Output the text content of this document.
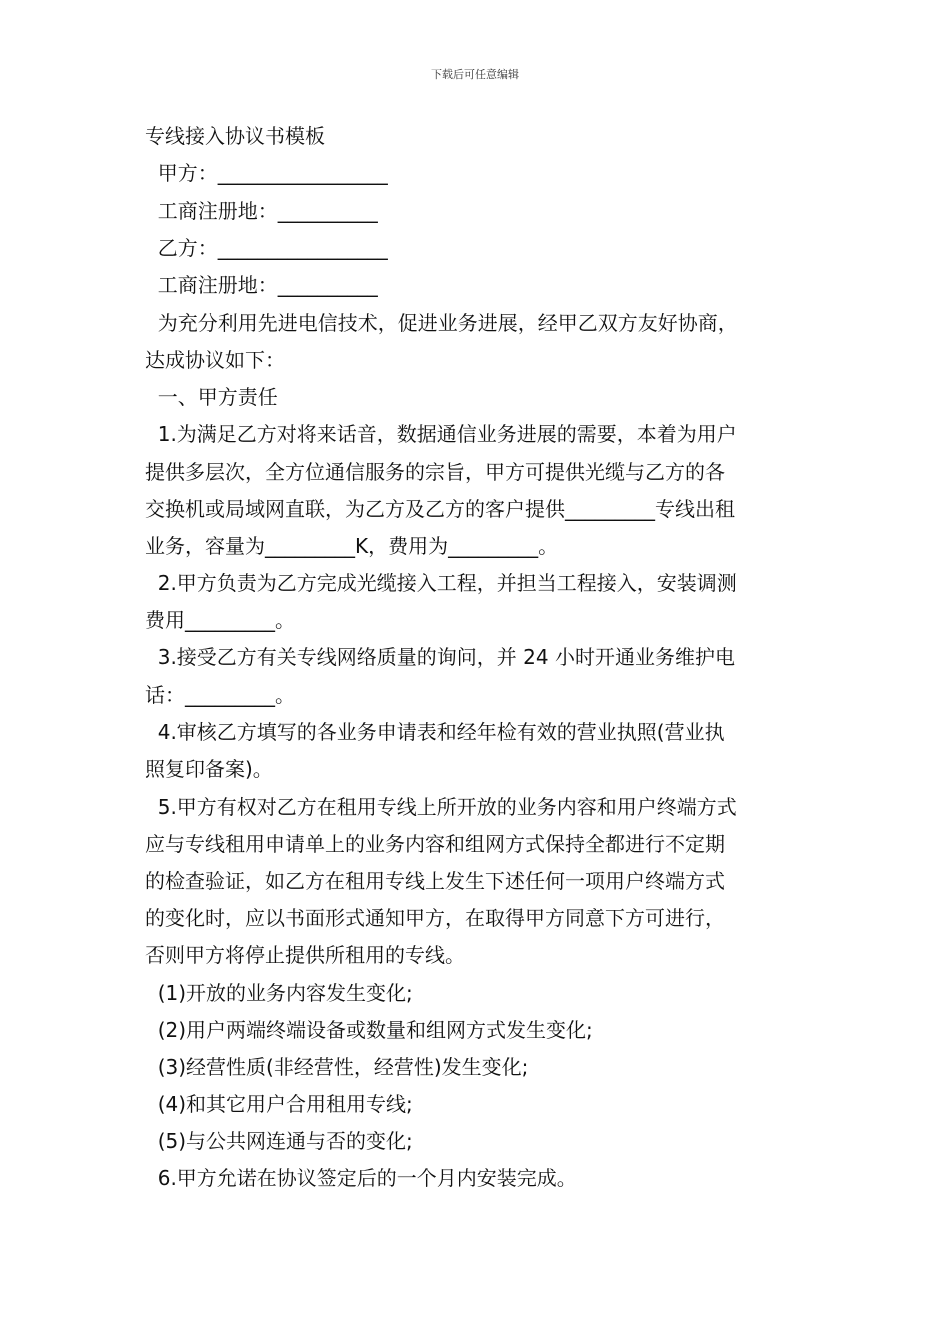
下载后可任意编辑
专线接入协议书模板
甲方：_________________
工商注册地：__________
乙方：_________________
工商注册地：__________
为充分利用先进电信技术，促进业务进展，经甲乙双方友好协商，
达成协议如下：
一、甲方责任
1.为满足乙方对将来话音，数据通信业务进展的需要，本着为用户
提供多层次，全方位通信服务的宗旨，甲方可提供光缆与乙方的各
交换机或局域网直联，为乙方及乙方的客户提供_________专线出租
业务，容量为_________K，费用为_________。
2.甲方负责为乙方完成光缆接入工程，并担当工程接入，安装调测
费用_________。
3.接受乙方有关专线网络质量的询问，并 24 小时开通业务维护电
话：_________。
4.审核乙方填写的各业务申请表和经年检有效的营业执照(营业执
照复印备案)。
5.甲方有权对乙方在租用专线上所开放的业务内容和用户终端方式
应与专线租用申请单上的业务内容和组网方式保持全都进行不定期
的检查验证，如乙方在租用专线上发生下述任何一项用户终端方式
的变化时，应以书面形式通知甲方，在取得甲方同意下方可进行，
否则甲方将停止提供所租用的专线。
(1)开放的业务内容发生变化;
(2)用户两端终端设备或数量和组网方式发生变化;
(3)经营性质(非经营性，经营性)发生变化;
(4)和其它用户合用租用专线;
(5)与公共网连通与否的变化;
6.甲方允诺在协议签定后的一个月内安装完成。
